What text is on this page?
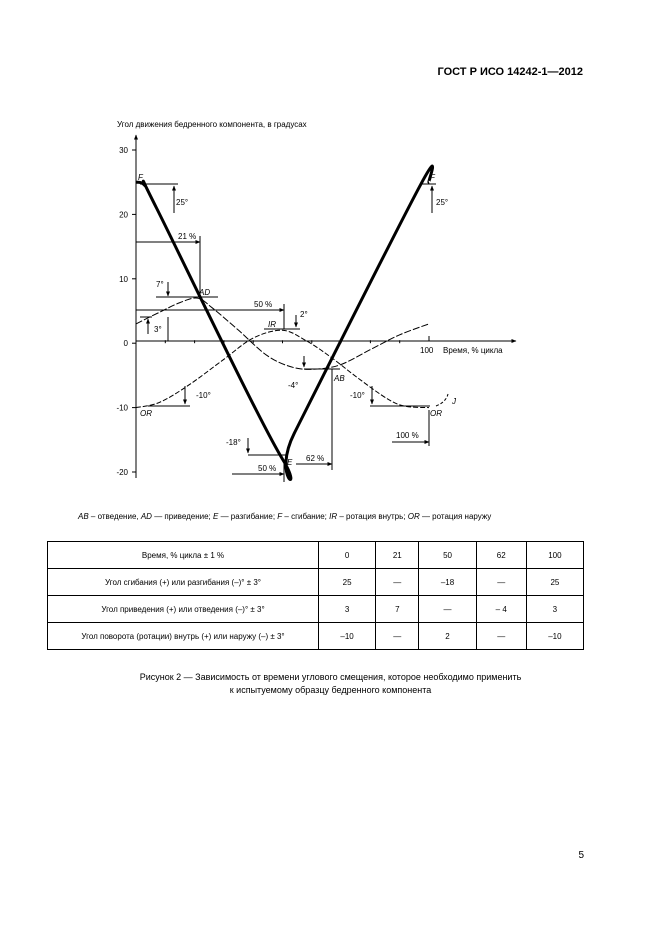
ГОСТ Р ИСО 14242-1—2012
Угол движения бедренного компонента, в градусах
30
20
10
0
-10
-20
100 Время, % цикла
F	F
AD
IR
AB
E
OR	OR
J
25°	25°
21 %
7°
3°
50 %
2°
-4°
-10°	-10°
-18°
50 %
62 %
100 %
AB – отведение, AD — приведение; E — разгибание; F – сгибание; IR – ротация внутрь; OR — ротация наружу
Время, % цикла ± 1 %	0	21	50	62	100
Угол сгибания (+) или разгибания (–)° ± 3°	25	—	–18	—	25
Угол приведения (+) или отведения (–)° ± 3°	3	7	—	– 4	3
Угол поворота (ротации) внутрь (+) или наружу (–) ± 3°	–10	—	2	—	–10
Рисунок 2 — Зависимость от времени углового смещения, которое необходимо применить
к испытуемому образцу бедренного компонента
5
